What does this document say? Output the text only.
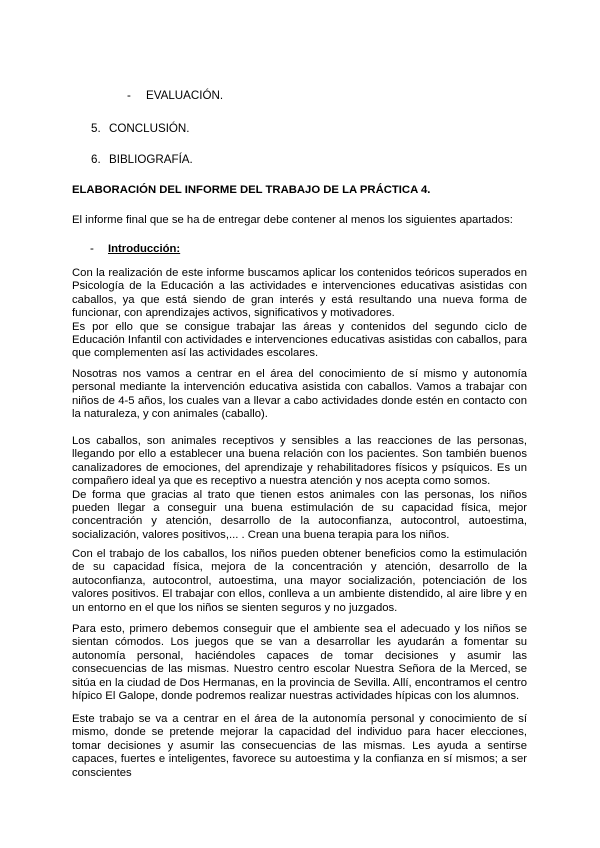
- EVALUACIÓN.
5. CONCLUSIÓN.
6. BIBLIOGRAFÍA.
ELABORACIÓN DEL INFORME DEL TRABAJO DE LA PRÁCTICA 4.
El informe final que se ha de entregar debe contener al menos los siguientes apartados:
- Introducción:

Con la realización de este informe buscamos aplicar los contenidos teóricos superados en Psicología de la Educación a las actividades e intervenciones educativas asistidas con caballos, ya que está siendo de gran interés y está resultando una nueva forma de funcionar, con aprendizajes activos, significativos y motivadores.

Es por ello que se consigue trabajar las áreas y contenidos del segundo ciclo de Educación Infantil con actividades e intervenciones educativas asistidas con caballos, para que complementen así las actividades escolares.

Nosotras nos vamos a centrar en el área del conocimiento de sí mismo y autonomía personal mediante la intervención educativa asistida con caballos. Vamos a trabajar con niños de 4-5 años, los cuales van a llevar a cabo actividades donde estén en contacto con la naturaleza, y con animales (caballo).

Los caballos, son animales receptivos y sensibles a las reacciones de las personas, llegando por ello a establecer una buena relación con los pacientes. Son también buenos canalizadores de emociones, del aprendizaje y rehabilitadores físicos y psíquicos. Es un compañero ideal ya que es receptivo a nuestra atención y nos acepta como somos.

De forma que gracias al trato que tienen estos animales con las personas, los niños pueden llegar a conseguir una buena estimulación de su capacidad física, mejor concentración y atención, desarrollo de la autoconfianza, autocontrol, autoestima, socialización, valores positivos,... . Crean una buena terapia para los niños.

Con el trabajo de los caballos, los niños pueden obtener beneficios como la estimulación de su capacidad física, mejora de la concentración y atención, desarrollo de la autoconfianza, autocontrol, autoestima, una mayor socialización, potenciación de los valores positivos. El trabajar con ellos, conlleva a un ambiente distendido, al aire libre y en un entorno en el que los niños se sienten seguros y no juzgados.

Para esto, primero debemos conseguir que el ambiente sea el adecuado y los niños se sientan cómodos. Los juegos que se van a desarrollar les ayudarán a fomentar su autonomía personal, haciéndoles capaces de tomar decisiones y asumir las consecuencias de las mismas. Nuestro centro escolar Nuestra Señora de la Merced, se sitúa en la ciudad de Dos Hermanas, en la provincia de Sevilla. Allí, encontramos el centro hípico El Galope, donde podremos realizar nuestras actividades hípicas con los alumnos.

Este trabajo se va a centrar en el área de la autonomía personal y conocimiento de sí mismo, donde se pretende mejorar la capacidad del individuo para hacer elecciones, tomar decisiones y asumir las consecuencias de las mismas. Les ayuda a sentirse capaces, fuertes e inteligentes, favorece su autoestima y la confianza en sí mismos; a ser conscientes
